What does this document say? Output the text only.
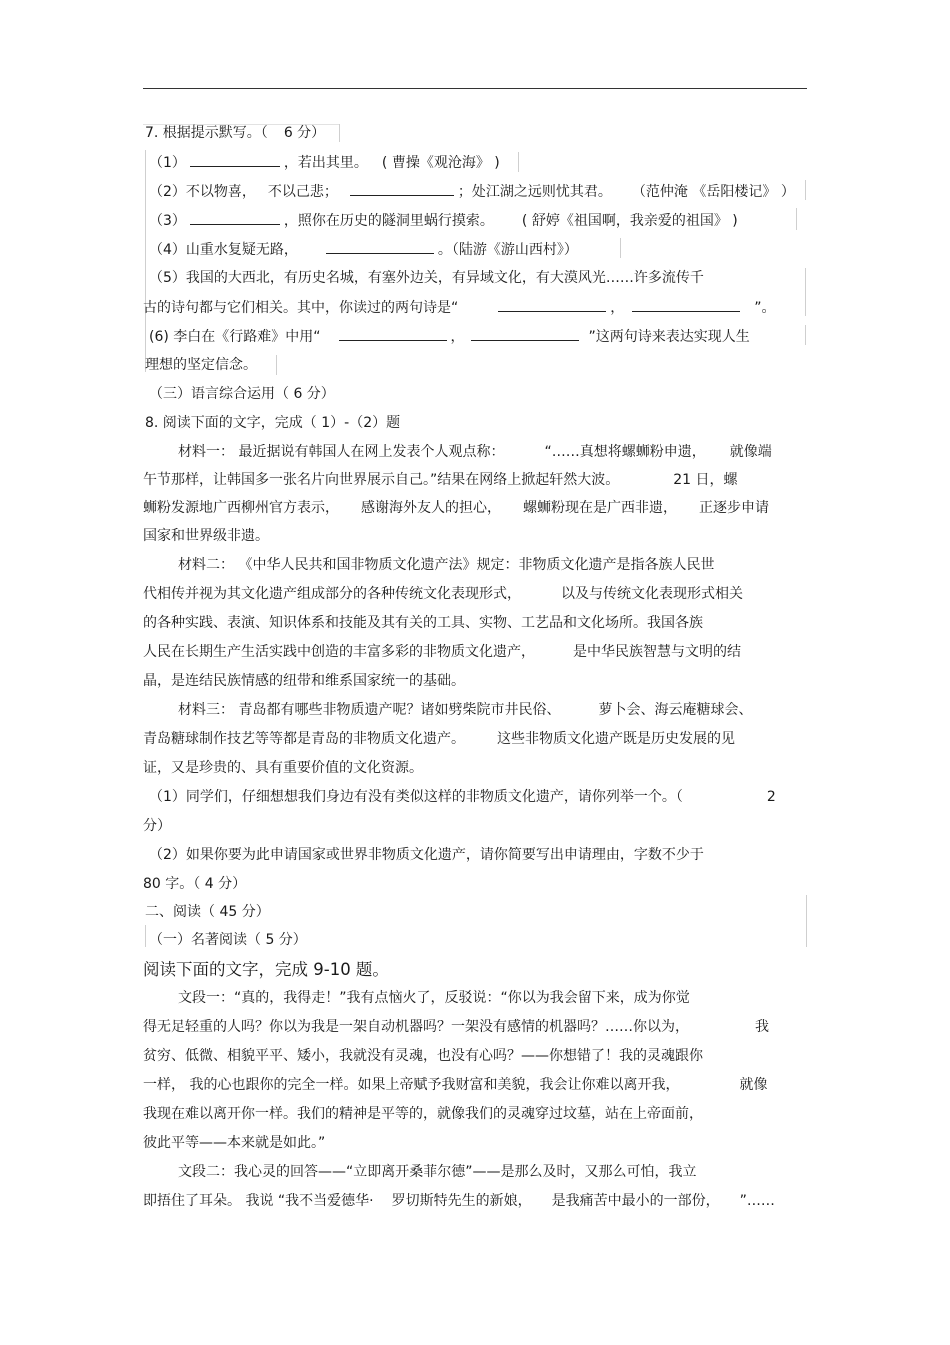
7. 根据提示默写。（ 6 分）
（1）	，若出其里。 ( 曹操《观沧海》 )
（2）不以物喜， 不以己悲；	；处江湖之远则忧其君。 （范仲淹 《岳阳楼记》 ）
（3）	，照你在历史的隧洞里蜗行摸索。 ( 舒婷《祖国啊，我亲爱的祖国》 )
（4）山重水复疑无路，	。（陆游《游山西村》）
（5）我国的大西北，有历史名城，有塞外边关，有异域文化，有大漠风光……许多流传千
古的诗句都与它们相关。其中，你读过的两句诗是“	，	”。
(6) 李白在《行路难》中用“	，	”这两句诗来表达实现人生
理想的坚定信念。
（三）语言综合运用（ 6 分）
8. 阅读下面的文字，完成（ 1）-（2）题
材料一： 最近据说有韩国人在网上发表个人观点称：	“……真想将螺蛳粉申遗， 就像端
午节那样，让韩国多一张名片向世界展示自己。”结果在网络上掀起轩然大波。	21 日，螺
蛳粉发源地广西柳州官方表示， 感谢海外友人的担心， 螺蛳粉现在是广西非遗， 正逐步申请
国家和世界级非遗。
材料二： 《中华人民共和国非物质文化遗产法》规定：非物质文化遗产是指各族人民世
代相传并视为其文化遗产组成部分的各种传统文化表现形式，	以及与传统文化表现形式相关
的各种实践、表演、知识体系和技能及其有关的工具、实物、工艺品和文化场所。我国各族
人民在长期生产生活实践中创造的丰富多彩的非物质文化遗产，	是中华民族智慧与文明的结
晶，是连结民族情感的纽带和维系国家统一的基础。
材料三： 青岛都有哪些非物质遗产呢？诸如劈柴院市井民俗、	萝卜会、海云庵糖球会、
青岛糖球制作技艺等等都是青岛的非物质文化遗产。 这些非物质文化遗产既是历史发展的见
证，又是珍贵的、具有重要价值的文化资源。
（1）同学们，仔细想想我们身边有没有类似这样的非物质文化遗产，请你列举一个。（	2
分）
（2）如果你要为此申请国家或世界非物质文化遗产，请你简要写出申请理由，字数不少于
80 字。（ 4 分）
二、阅读（ 45 分）
（一）名著阅读（ 5 分）
阅读下面的文字，完成 9-10 题。
文段一：“真的，我得走！”我有点恼火了，反驳说：“你以为我会留下来，成为你觉
得无足轻重的人吗？你以为我是一架自动机器吗？一架没有感情的机器吗？……你以为，	我
贫穷、低微、相貌平平、矮小，我就没有灵魂，也没有心吗？——你想错了！我的灵魂跟你
一样， 我的心也跟你的完全一样。如果上帝赋予我财富和美貌，我会让你难以离开我，	就像
我现在难以离开你一样。我们的精神是平等的，就像我们的灵魂穿过坟墓，站在上帝面前，
彼此平等——本来就是如此。”
文段二：我心灵的回答——“立即离开桑菲尔德”——是那么及时，又那么可怕，我立
即捂住了耳朵。 我说 “我不当爱德华· 罗切斯特先生的新娘， 是我痛苦中最小的一部份， ”……
